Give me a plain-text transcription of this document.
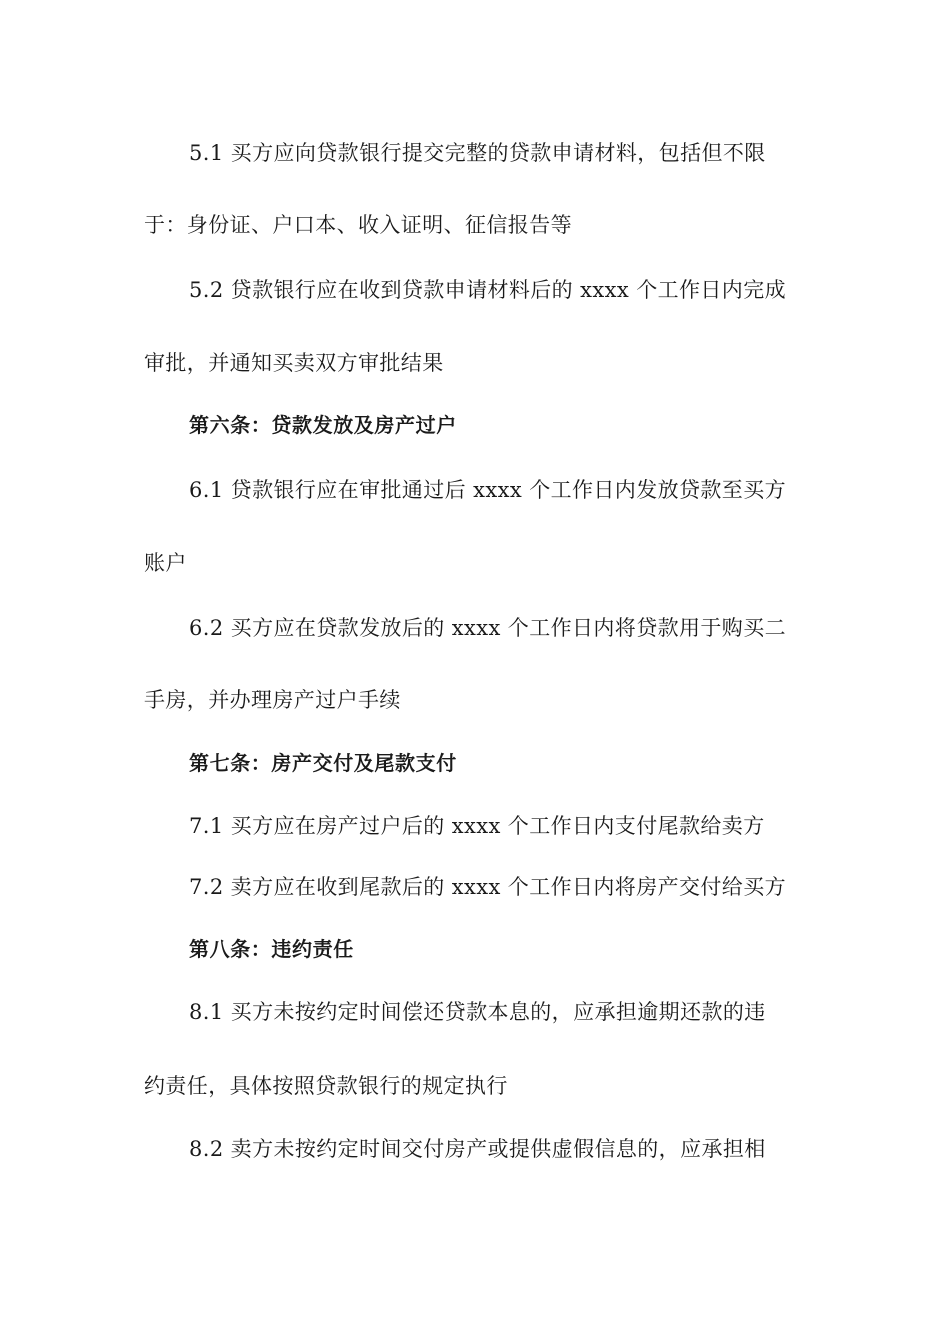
5.1 买方应向贷款银行提交完整的贷款申请材料，包括但不限
于：身份证、户口本、收入证明、征信报告等
5.2 贷款银行应在收到贷款申请材料后的 xxxx 个工作日内完成
审批，并通知买卖双方审批结果
第六条：贷款发放及房产过户
6.1 贷款银行应在审批通过后 xxxx 个工作日内发放贷款至买方
账户
6.2 买方应在贷款发放后的 xxxx 个工作日内将贷款用于购买二
手房，并办理房产过户手续
第七条：房产交付及尾款支付
7.1 买方应在房产过户后的 xxxx 个工作日内支付尾款给卖方
7.2 卖方应在收到尾款后的 xxxx 个工作日内将房产交付给买方
第八条：违约责任
8.1 买方未按约定时间偿还贷款本息的，应承担逾期还款的违
约责任，具体按照贷款银行的规定执行
8.2 卖方未按约定时间交付房产或提供虚假信息的，应承担相
